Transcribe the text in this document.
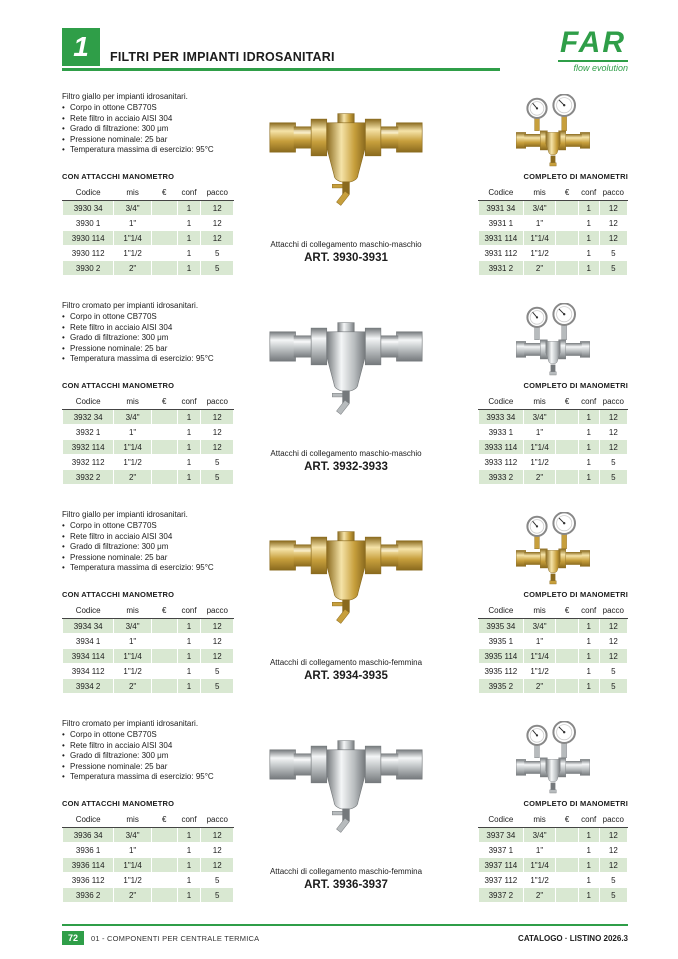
1	FILTRI PER IMPIANTI IDROSANITARI	FAR
flow evolution

Filtro giallo per impianti idrosanitari.

• Corpo in ottone CB770S
• Rete filtro in acciaio AISI 304
• Grado di filtrazione: 300 μm
• Pressione nominale: 25 bar
• Temperatura massima di esercizio: 95°C
CON ATTACCHI MANOMETRO
Codice	mis	€	conf	pacco
3930 34	3/4"		1	12
3930 1	1"		1	12
3930 114	1"1/4		1	12
3930 112	1"1/2		1	5
3930 2	2"		1	5
Attacchi di collegamento maschio-maschio
ART. 3930-3931
COMPLETO DI MANOMETRI
Codice	mis	€	conf	pacco
3931 34	3/4"		1	12
3931 1	1"		1	12
3931 114	1"1/4		1	12
3931 112	1"1/2		1	5
3931 2	2"		1	5

Filtro cromato per impianti idrosanitari.

• Corpo in ottone CB770S
• Rete filtro in acciaio AISI 304
• Grado di filtrazione: 300 μm
• Pressione nominale: 25 bar
• Temperatura massima di esercizio: 95°C
CON ATTACCHI MANOMETRO
Codice	mis	€	conf	pacco
3932 34	3/4"		1	12
3932 1	1"		1	12
3932 114	1"1/4		1	12
3932 112	1"1/2		1	5
3932 2	2"		1	5
Attacchi di collegamento maschio-maschio
ART. 3932-3933
COMPLETO DI MANOMETRI
Codice	mis	€	conf	pacco
3933 34	3/4"		1	12
3933 1	1"		1	12
3933 114	1"1/4		1	12
3933 112	1"1/2		1	5
3933 2	2"		1	5

Filtro giallo per impianti idrosanitari.

• Corpo in ottone CB770S
• Rete filtro in acciaio AISI 304
• Grado di filtrazione: 300 μm
• Pressione nominale: 25 bar
• Temperatura massima di esercizio: 95°C
CON ATTACCHI MANOMETRO
Codice	mis	€	conf	pacco
3934 34	3/4"		1	12
3934 1	1"		1	12
3934 114	1"1/4		1	12
3934 112	1"1/2		1	5
3934 2	2"		1	5
Attacchi di collegamento maschio-femmina
ART. 3934-3935
COMPLETO DI MANOMETRI
Codice	mis	€	conf	pacco
3935 34	3/4"		1	12
3935 1	1"		1	12
3935 114	1"1/4		1	12
3935 112	1"1/2		1	5
3935 2	2"		1	5

Filtro cromato per impianti idrosanitari.

• Corpo in ottone CB770S
• Rete filtro in acciaio AISI 304
• Grado di filtrazione: 300 μm
• Pressione nominale: 25 bar
• Temperatura massima di esercizio: 95°C
CON ATTACCHI MANOMETRO
Codice	mis	€	conf	pacco
3936 34	3/4"		1	12
3936 1	1"		1	12
3936 114	1"1/4		1	12
3936 112	1"1/2		1	5
3936 2	2"		1	5
Attacchi di collegamento maschio-femmina
ART. 3936-3937
COMPLETO DI MANOMETRI
Codice	mis	€	conf	pacco
3937 34	3/4"		1	12
3937 1	1"		1	12
3937 114	1"1/4		1	12
3937 112	1"1/2		1	5
3937 2	2"		1	5
72	01 - COMPONENTI PER CENTRALE TERMICA	CATALOGO · LISTINO 2026.3
